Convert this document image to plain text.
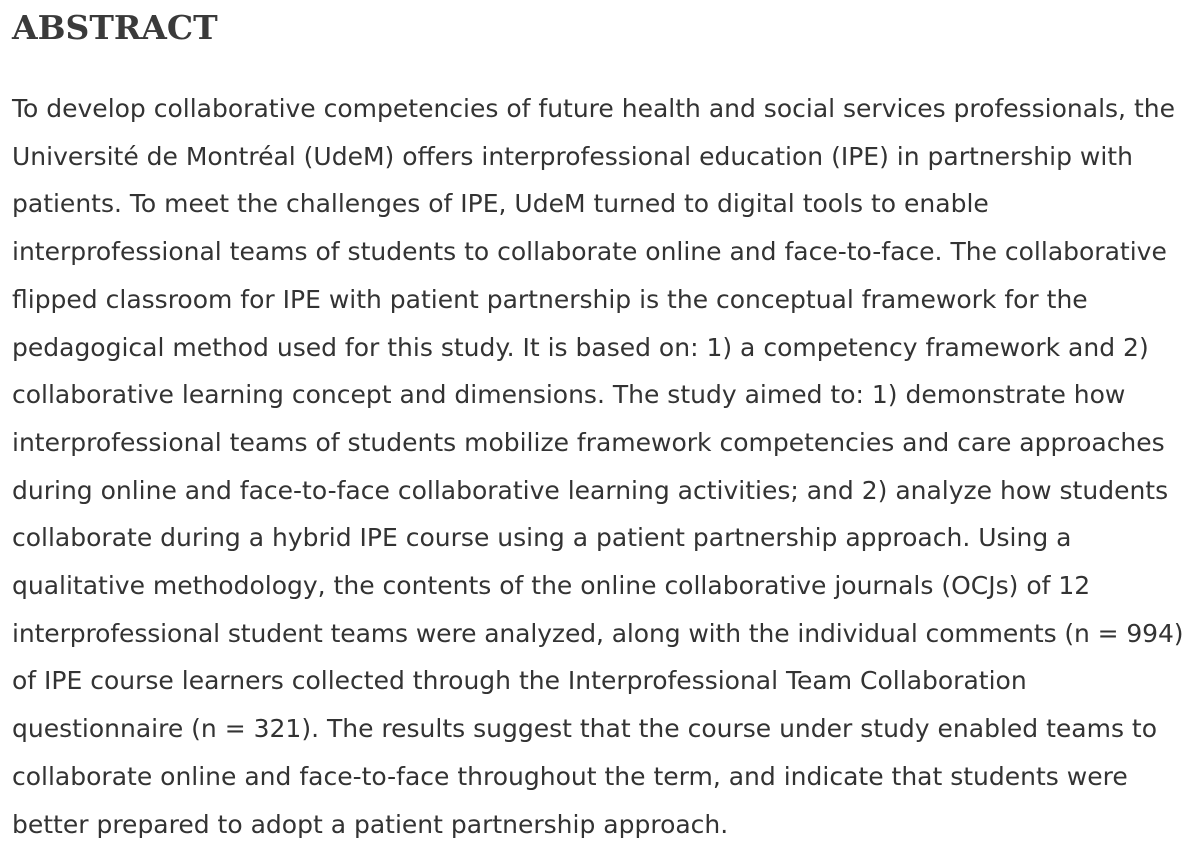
ABSTRACT

To develop collaborative competencies of future health and social services professionals, the
Université de Montréal (UdeM) offers interprofessional education (IPE) in partnership with
patients. To meet the challenges of IPE, UdeM turned to digital tools to enable
interprofessional teams of students to collaborate online and face-to-face. The collaborative
flipped classroom for IPE with patient partnership is the conceptual framework for the
pedagogical method used for this study. It is based on: 1) a competency framework and 2)
collaborative learning concept and dimensions. The study aimed to: 1) demonstrate how
interprofessional teams of students mobilize framework competencies and care approaches
during online and face-to-face collaborative learning activities; and 2) analyze how students
collaborate during a hybrid IPE course using a patient partnership approach. Using a
qualitative methodology, the contents of the online collaborative journals (OCJs) of 12
interprofessional student teams were analyzed, along with the individual comments (n = 994)
of IPE course learners collected through the Interprofessional Team Collaboration
questionnaire (n = 321). The results suggest that the course under study enabled teams to
collaborate online and face-to-face throughout the term, and indicate that students were
better prepared to adopt a patient partnership approach.
